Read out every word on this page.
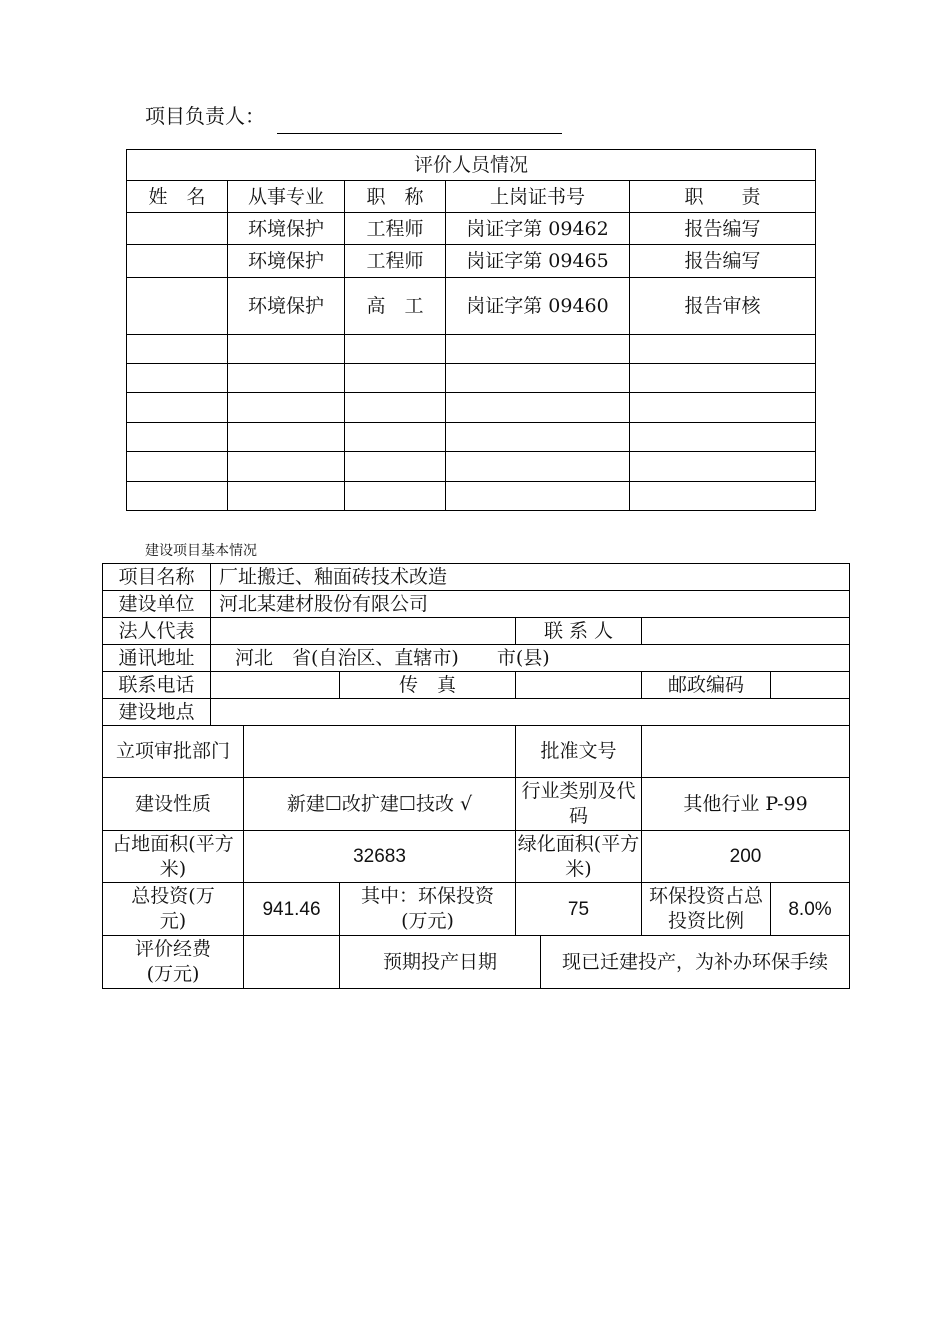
项目负责人：
评价人员情况				
姓　名	从事专业	职　称	上岗证书号	职　　责
	环境保护	工程师	岗证字第 09462	报告编写
	环境保护	工程师	岗证字第 09465	报告编写
	环境保护	高　工	岗证字第 09460	报告审核

建设项目基本情况
项目名称	厂址搬迁、釉面砖技术改造						
建设单位	河北某建材股份有限公司						
法人代表				联 系 人			
通讯地址	河北　省(自治区、直辖市)　　市(县)						
联系电话			传　真			邮政编码	
建设地点							
立项审批部门				批准文号			
建设性质		新建☐改扩建☐技改 √		行业类别及代码		其他行业 P-99	
占地面积(平方米)		32683		绿化面积(平方米)		200	
总投资(万元)		941.46	其中：环保投资(万元)	75		环保投资占总投资比例	8.0%
评价经费(万元)			预期投产日期		现已迁建投产，为补办环保手续		
